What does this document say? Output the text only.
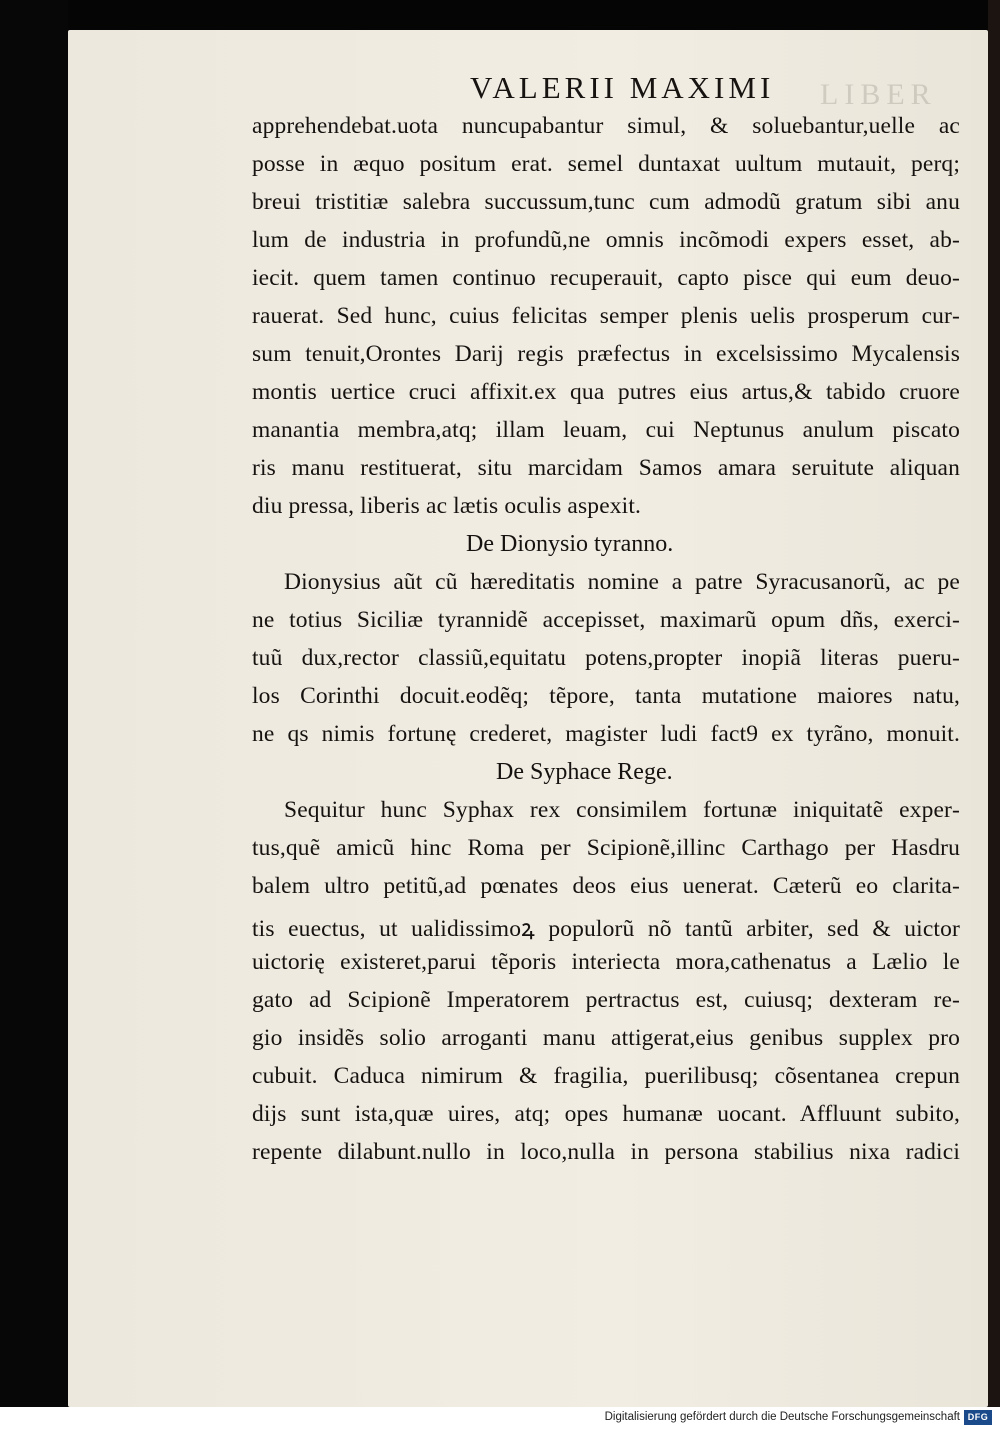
LIBER
VALERII MAXIMI
apprehendebat.uota nuncupabantur simul, & soluebantur,uelle ac
posse in æquo positum erat. semel duntaxat uultum mutauit, perq;
breui tristitiæ salebra succussum,tunc cum admodũ gratum sibi anu
lum de industria in profundũ,ne omnis incõmodi expers esset, ab‑
iecit. quem tamen continuo recuperauit, capto pisce qui eum deuo‑
rauerat. Sed hunc, cuius felicitas semper plenis uelis prosperum cur‑
sum tenuit,Orontes Darij regis præfectus in excelsissimo Mycalensis
montis uertice cruci affixit.ex qua putres eius artus,& tabido cruore
manantia membra,atq; illam leuam, cui Neptunus anulum piscato
ris manu restituerat, situ marcidam Samos amara seruitute aliquan
diu pressa, liberis ac lætis oculis aspexit.
De Dionysio tyranno.
Dionysius aũt cũ hæreditatis nomine a patre Syracusanorũ, ac pe
ne totius Siciliæ tyrannidẽ accepisset, maximarũ opum dñs, exerci‑
tuũ dux,rector classiũ,equitatu potens,propter inopiã literas pueru‑
los Corinthi docuit.eodẽq; tẽpore, tanta mutatione maiores natu,
ne qs nimis fortunę crederet, magister ludi fact9 ex tyrãno, monuit.
De Syphace Rege.
Sequitur hunc Syphax rex consimilem fortunæ iniquitatẽ exper‑
tus,quẽ amicũ hinc Roma per Scipionẽ,illinc Carthago per Hasdru
balem ultro petitũ,ad pœnates deos eius uenerat. Cæterũ eo clarita‑
tis euectus, ut ualidissimoꝝ populorũ nõ tantũ arbiter, sed & uictor
uictorię existeret,parui tẽporis interiecta mora,cathenatus a Lælio le
gato ad Scipionẽ Imperatorem pertractus est, cuiusq; dexteram re‑
gio insidẽs solio arroganti manu attigerat,eius genibus supplex pro
cubuit. Caduca nimirum & fragilia, puerilibusq; cõsentanea crepun
dijs sunt ista,quæ uires, atq; opes humanæ uocant. Affluunt subito,
repente dilabunt.nullo in loco,nulla in persona stabilius nixa radici
Digitalisierung gefördert durch die Deutsche Forschungsgemeinschaft DFG
